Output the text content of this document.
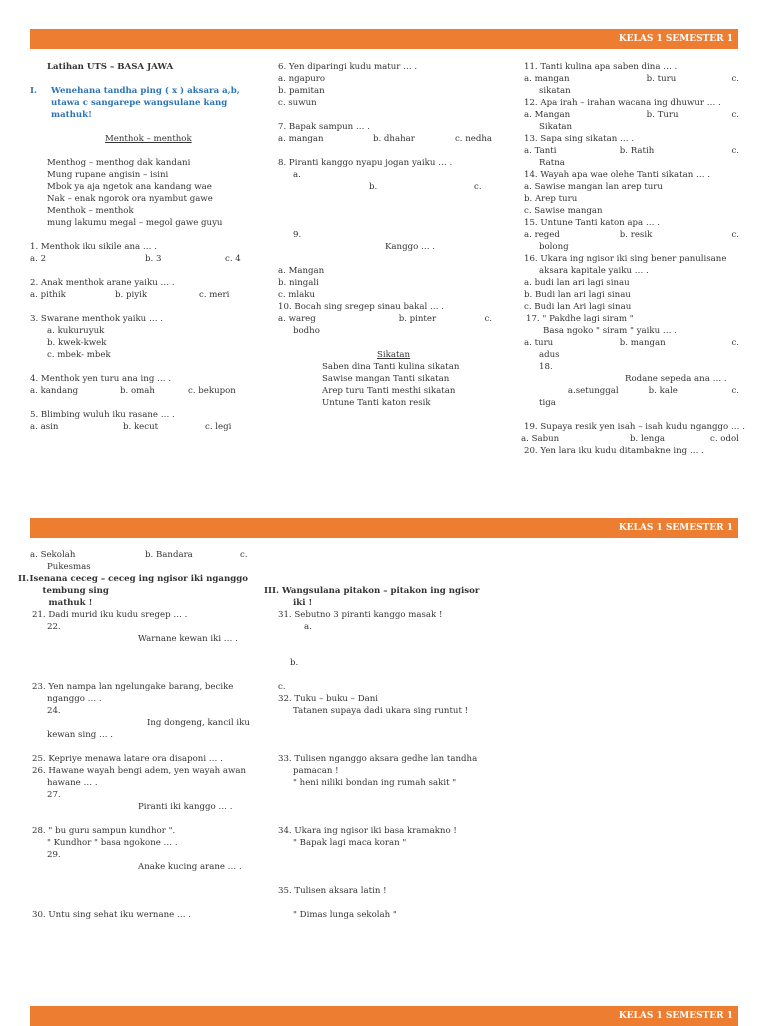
KELAS 1 SEMESTER 1
KELAS 1 SEMESTER 1
KELAS 1 SEMESTER 1

Latihan UTS – BASA JAWA

I.	Wenehana tandha ping ( x ) aksara a,b,

utawa c sangarepe wangsulane kang

mathuk!

Menthok – menthok

Menthog – menthog dak kandani

Mung rupane angisin – isini

Mbok ya aja ngetok ana kandang wae

Nak – enak ngorok ora nyambut gawe

Menthok – menthok

mung lakumu megal – megol gawe guyu

1. Menthok iku sikile ana … .

a. 2	b. 3	c. 4

2. Anak menthok arane yaiku … .

a. pithik	b. piyik	c. meri

3. Swarane menthok yaiku … .

a. kukuruyuk

b. kwek-kwek

c. mbek- mbek

4. Menthok yen turu ana ing … .

a. kandang	b. omah	c. bekupon

5. Blimbing wuluh iku rasane … .

a. asin	b. kecut	c. legi

6. Yen diparingi kudu matur … .

a. ngapuro

b. pamitan

c. suwun

7. Bapak sampun … .

a. mangan	b. dhahar	c. nedha

8. Piranti kanggo nyapu jogan yaiku … .

a.

b.	c.

9.

Kanggo … .

a. Mangan

b. ningali

c. mlaku

10. Bocah sing sregep sinau bakal … .

a. wareg	b. pinter	c.

bodho

Sikatan

Saben dina Tanti kulina sikatan

Sawise mangan Tanti sikatan

Arep turu Tanti mesthi sikatan

Untune Tanti katon resik

11. Tanti kulina apa saben dina … .

a. mangan	b. turu	c.

sikatan

12. Apa irah – irahan wacana ing dhuwur … .

a. Mangan	b. Turu	c.

Sikatan

13. Sapa sing sikatan … .

a. Tanti	b. Ratih	c.

Ratna

14. Wayah apa wae olehe Tanti sikatan … .

a. Sawise mangan lan arep turu

b. Arep turu

c. Sawise mangan

15. Untune Tanti katon apa … .

a. reged	b. resik	c.

bolong

16. Ukara ing ngisor iki sing bener panulisane

aksara kapitale yaiku … .

a. budi lan ari lagi sinau

b. Budi lan ari lagi sinau

c. Budi lan Ari lagi sinau

17. " Pakdhe lagi siram "

Basa ngoko " siram " yaiku … .

a. turu	b. mangan	c.

adus

18.

Rodane sepeda ana … .

a.setunggal	b. kale	c.

tiga

19. Supaya resik yen isah – isah kudu nganggo … .

a. Sabun	b. lenga	c. odol

20. Yen lara iku kudu ditambakne ing … .

a. Sekolah	b. Bandara	c.

Pukesmas

II. Isenana ceceg – ceceg ing ngisor iki nganggo

tembung sing

mathuk !

21. Dadi murid iku kudu sregep … .

22.

Warnane kewan iki … .

23. Yen nampa lan ngelungake barang, becike

nganggo … .

24.

Ing dongeng, kancil iku

kewan sing … .

25. Kepriye menawa latare ora disaponi … .

26. Hawane wayah bengi adem, yen wayah awan

hawane … .

27.

Piranti iki kanggo … .

28. " bu guru sampun kundhor ".

" Kundhor " basa ngokone … .

29.

Anake kucing arane … .

30. Untu sing sehat iku wernane … .

III. Wangsulana pitakon – pitakon ing ngisor

iki !

31. Sebutno 3 piranti kanggo masak !

a.

b.

c.

32. Tuku – buku – Dani

Tatanen supaya dadi ukara sing runtut !

33. Tulisen nganggo aksara gedhe lan tandha

pamacan !

" heni niliki bondan ing rumah sakit "

34. Ukara ing ngisor iki basa kramakno !

" Bapak lagi maca koran "

35. Tulisen aksara latin !

" Dimas lunga sekolah "
